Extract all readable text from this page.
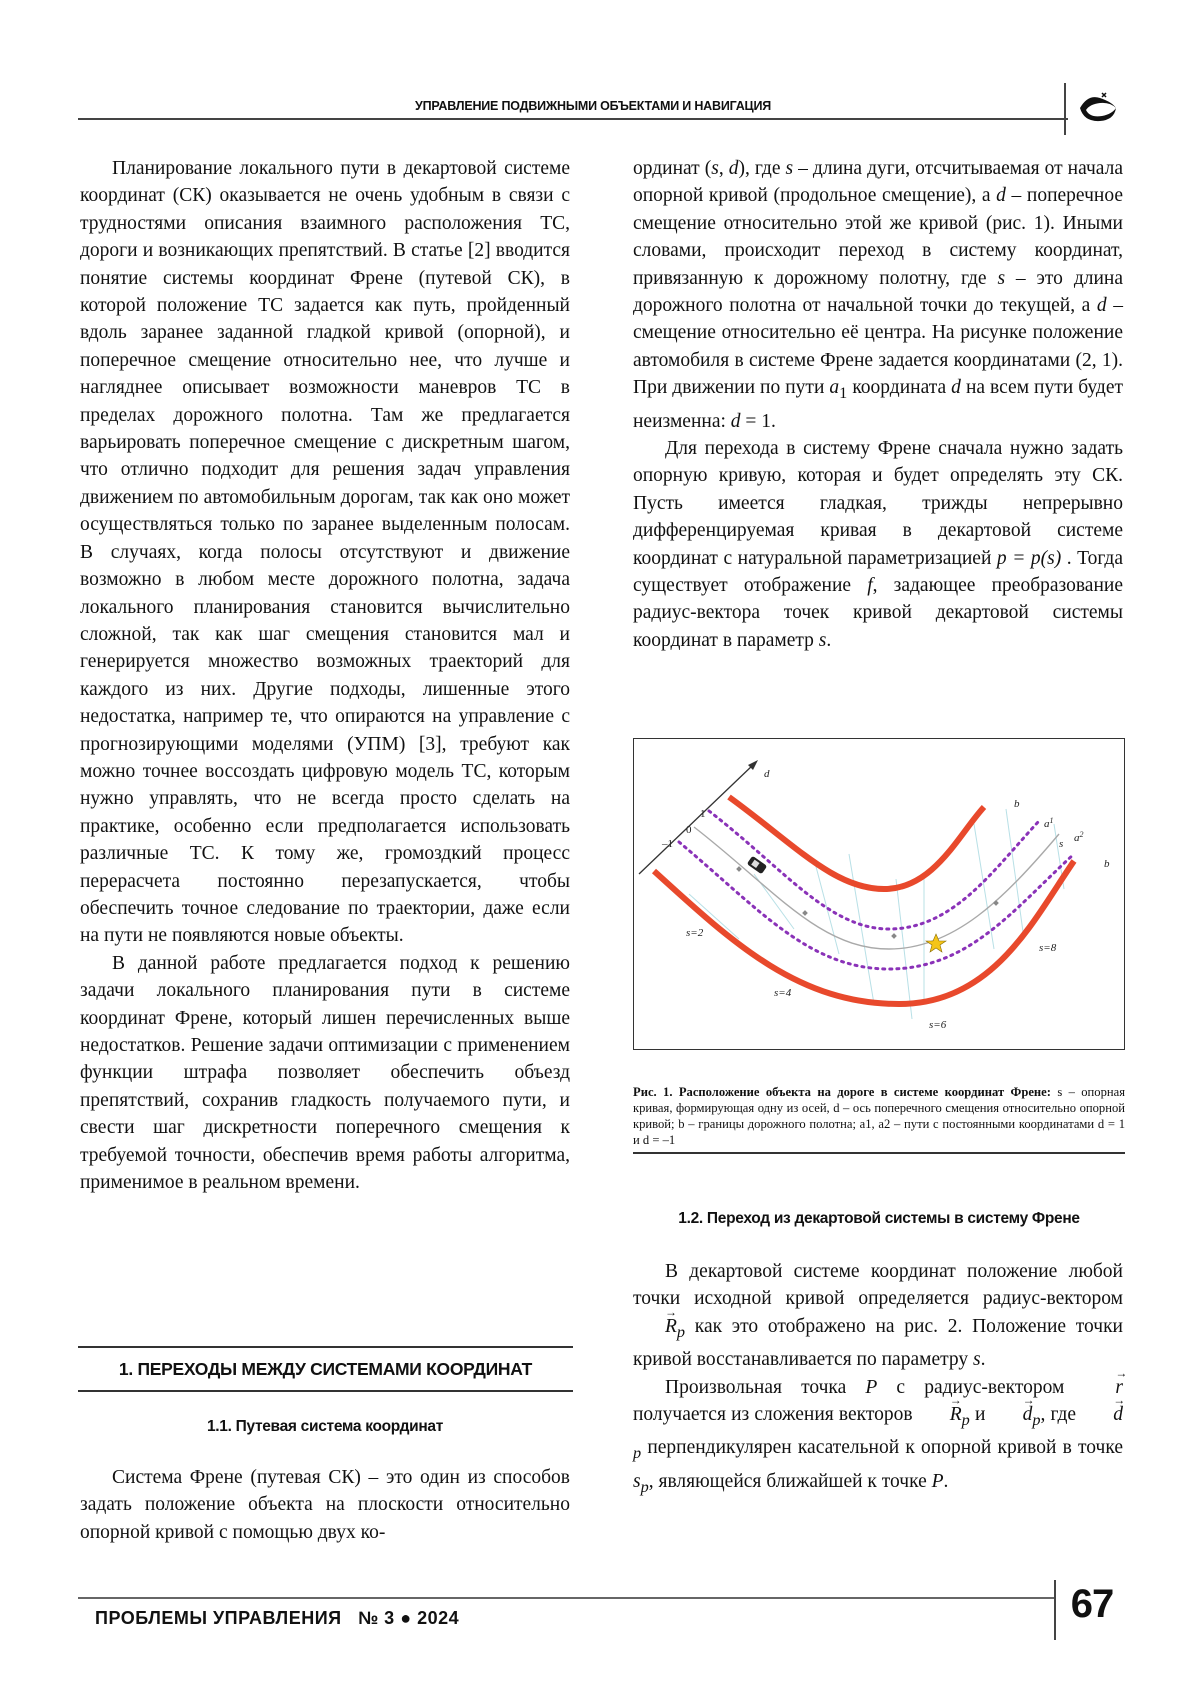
УПРАВЛЕНИЕ ПОДВИЖНЫМИ ОБЪЕКТАМИ И НАВИГАЦИЯ

Планирование локального пути в декартовой системе координат (СК) оказывается не очень удобным в связи с трудностями описания взаимного расположения ТС, дороги и возникающих препятствий. В статье [2] вводится понятие системы координат Френе (путевой СК), в которой положение ТС задается как путь, пройденный вдоль заранее заданной гладкой кривой (опорной), и поперечное смещение относительно нее, что лучше и нагляднее описывает возможности маневров ТС в пределах дорожного полотна. Там же предлагается варьировать поперечное смещение с дискретным шагом, что отлично подходит для решения задач управления движением по автомобильным дорогам, так как оно может осуществляться только по заранее выделенным полосам. В случаях, когда полосы отсутствуют и движение возможно в любом месте дорожного полотна, задача локального планирования становится вычислительно сложной, так как шаг смещения становится мал и генерируется множество возможных траекторий для каждого из них. Другие подходы, лишенные этого недостатка, например те, что опираются на управление с прогнозирующими моделями (УПМ) [3], требуют как можно точнее воссоздать цифровую модель ТС, которым нужно управлять, что не всегда просто сделать на практике, особенно если предполагается использовать различные ТС. К тому же, громоздкий процесс перерасчета постоянно перезапускается, чтобы обеспечить точное следование по траектории, даже если на пути не появляются новые объекты.

В данной работе предлагается подход к решению задачи локального планирования пути в системе координат Френе, который лишен перечисленных выше недостатков. Решение задачи оптимизации с применением функции штрафа позволяет обеспечить объезд препятствий, сохранив гладкость получаемого пути, и свести шаг дискретности поперечного смещения к требуемой точности, обеспечив время работы алгоритма, применимое в реальном времени.

1. ПЕРЕХОДЫ МЕЖДУ СИСТЕМАМИ КООРДИНАТ
1.1. Путевая система координат

Система Френе (путевая СК) – это один из способов задать положение объекта на плоскости относительно опорной кривой с помощью двух ко-

ординат (s, d), где s – длина дуги, отсчитываемая от начала опорной кривой (продольное смещение), а d – поперечное смещение относительно этой же кривой (рис. 1). Иными словами, происходит переход в систему координат, привязанную к дорожному полотну, где s – это длина дорожного полотна от начальной точки до текущей, а d – смещение относительно её центра. На рисунке положение автомобиля в системе Френе задается координатами (2, 1). При движении по пути $a_1$ координата d на всем пути будет неизменна: d = 1.

Для перехода в систему Френе сначала нужно задать опорную кривую, которая и будет определять эту СК. Пусть имеется гладкая, трижды непрерывно дифференцируемая кривая в декартовой системе координат с натуральной параметризацией p = p(s) . Тогда существует отображение f, задающее преобразование радиус-вектора точек кривой декартовой системы координат в параметр s.

d
1
0
–1
b
$a^1$
s $a^2$
b
s=2
s=4
s=6
s=8
Рис. 1. Расположение объекта на дороге в системе координат Френе: s – опорная кривая, формирующая одну из осей, d – ось поперечного смещения относительно опорной кривой; b – границы дорожного полотна; a1, a2 – пути с постоянными координатами d = 1 и d = –1
1.2. Переход из декартовой системы в систему Френе

В декартовой системе координат положение любой точки исходной кривой определяется радиус-вектором → $R_p$ как это отображено на рис. 2. Положение точки кривой восстанавливается по параметру s.

Произвольная точка P с радиус-вектором → r получается из сложения векторов → $R_p$ $и \to d_p$, где → $d_p$ перпендикулярен касательной к опорной кривой в точке $s_p$, являющейся ближайшей к точке P.

ПРОБЛЕМЫ УПРАВЛЕНИЯ № 3 ● 2024	67
